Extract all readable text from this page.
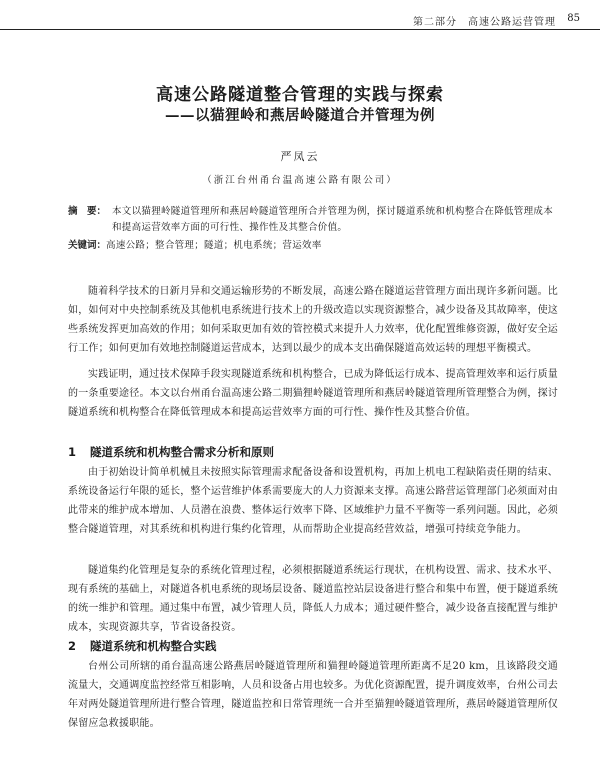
第二部分　高速公路运营管理 85
高速公路隧道整合管理的实践与探索
——以猫狸岭和燕居岭隧道合并管理为例
严凤云
（浙江台州甬台温高速公路有限公司）
摘　要： 本文以猫狸岭隧道管理所和燕居岭隧道管理所合并管理为例，探讨隧道系统和机构整合在降低管理成本和提高运营效率方面的可行性、操作性及其整合价值。
关键词：高速公路；整合管理；隧道；机电系统；营运效率

随着科学技术的日新月异和交通运输形势的不断发展，高速公路在隧道运营管理方面出现许多新问题。比如，如何对中央控制系统及其他机电系统进行技术上的升级改造以实现资源整合，减少设备及其故障率，使这些系统发挥更加高效的作用；如何采取更加有效的管控模式来提升人力效率，优化配置维修资源，做好安全运行工作；如何更加有效地控制隧道运营成本，达到以最少的成本支出确保隧道高效运转的理想平衡模式。

实践证明，通过技术保障手段实现隧道系统和机构整合，已成为降低运行成本、提高管理效率和运行质量的一条重要途径。本文以台州甬台温高速公路二期猫狸岭隧道管理所和燕居岭隧道管理所管理整合为例，探讨隧道系统和机构整合在降低管理成本和提高运营效率方面的可行性、操作性及其整合价值。

1 隧道系统和机构整合需求分析和原则

由于初始设计简单机械且未按照实际管理需求配备设备和设置机构，再加上机电工程缺陷责任期的结束、系统设备运行年限的延长，整个运营维护体系需要庞大的人力资源来支撑。高速公路营运管理部门必须面对由此带来的维护成本增加、人员潜在浪费、整体运行效率下降、区域维护力量不平衡等一系列问题。因此，必须整合隧道管理，对其系统和机构进行集约化管理，从而帮助企业提高经营效益，增强可持续竞争能力。

隧道集约化管理是复杂的系统化管理过程，必须根据隧道系统运行现状，在机构设置、需求、技术水平、现有系统的基础上，对隧道各机电系统的现场层设备、隧道监控站层设备进行整合和集中布置，便于隧道系统的统一维护和管理。通过集中布置，减少管理人员，降低人力成本；通过硬件整合，减少设备直接配置与维护成本，实现资源共享，节省设备投资。

2 隧道系统和机构整合实践

台州公司所辖的甬台温高速公路燕居岭隧道管理所和猫狸岭隧道管理所距离不足20 km，且该路段交通流量大，交通调度监控经常互相影响，人员和设备占用也较多。为优化资源配置，提升调度效率，台州公司去年对两处隧道管理所进行整合管理，隧道监控和日常管理统一合并至猫狸岭隧道管理所，燕居岭隧道管理所仅保留应急救援职能。
